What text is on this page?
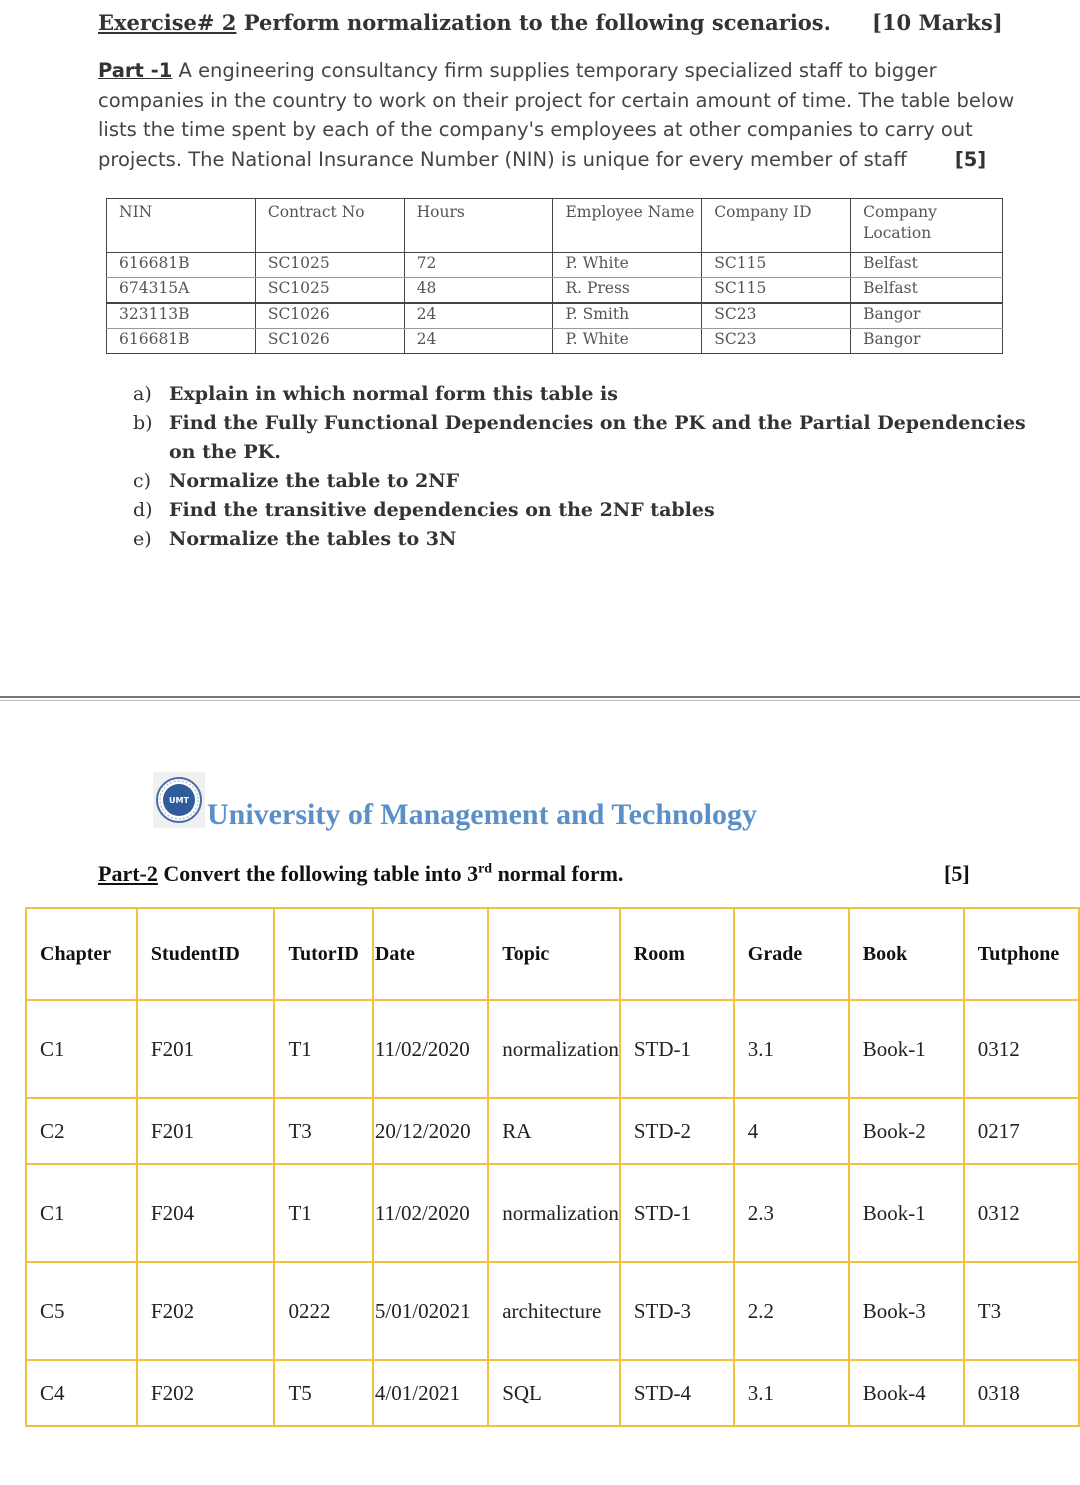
Exercise# 2 Perform normalization to the following scenarios. [10 Marks]
Part -1 A engineering consultancy firm supplies temporary specialized staff to bigger companies in the country to work on their project for certain amount of time. The table below lists the time spent by each of the company's employees at other companies to carry out projects. The National Insurance Number (NIN) is unique for every member of staff [5]
NIN	Contract No	Hours	Employee Name	Company ID	Company Location
616681B	SC1025	72	P. White	SC115	Belfast
674315A	SC1025	48	R. Press	SC115	Belfast
323113B	SC1026	24	P. Smith	SC23	Bangor
616681B	SC1026	24	P. White	SC23	Bangor
a) Explain in which normal form this table is
b) Find the Fully Functional Dependencies on the PK and the Partial Dependencies on the PK.
c) Normalize the table to 2NF
d) Find the transitive dependencies on the 2NF tables
e) Normalize the tables to 3N
UMT University of Management and Technology
Part-2 Convert the following table into 3rd normal form.	[5]
Chapter	StudentID	TutorID	Date	Topic	Room	Grade	Book	Tutphone
C1	F201	T1	11/02/2020	normalization	STD-1	3.1	Book-1	0312
C2	F201	T3	20/12/2020	RA	STD-2	4	Book-2	0217
C1	F204	T1	11/02/2020	normalization	STD-1	2.3	Book-1	0312
C5	F202	0222	5/01/02021	architecture	STD-3	2.2	Book-3	T3
C4	F202	T5	4/01/2021	SQL	STD-4	3.1	Book-4	0318
